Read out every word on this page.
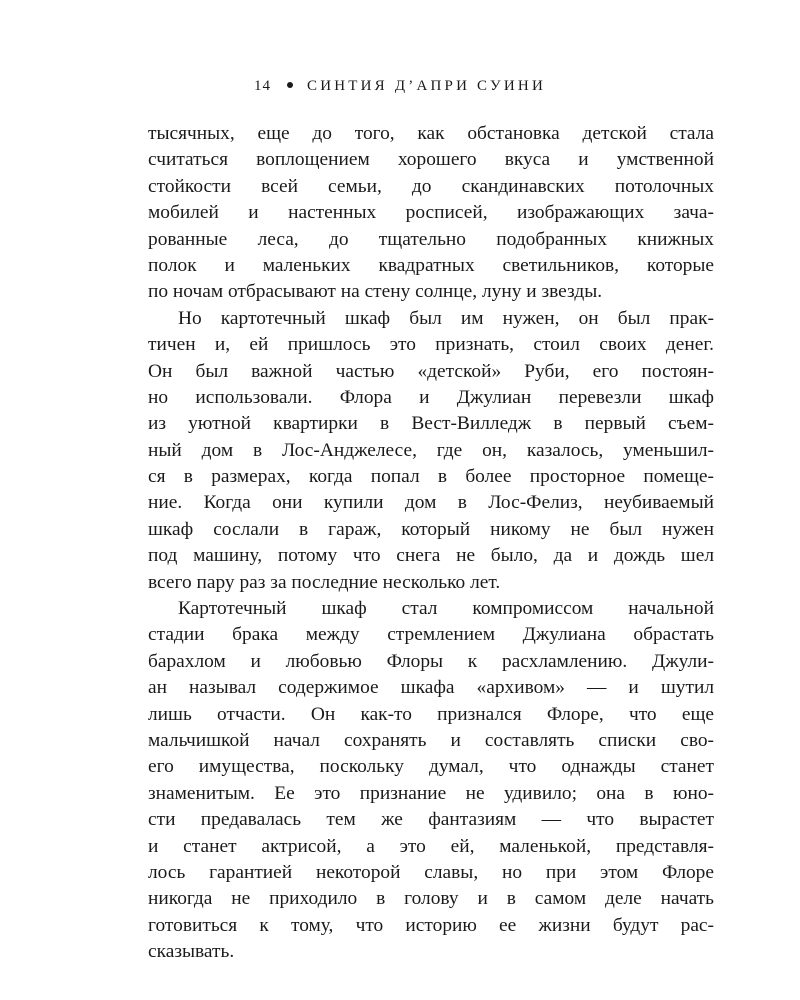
14 СИНТИЯ Д’АПРИ СУИНИ
тысячных, еще до того, как обстановка детской стала
считаться воплощением хорошего вкуса и умственной
стойкости всей семьи, до скандинавских потолочных
мобилей и настенных росписей, изображающих зача-
рованные леса, до тщательно подобранных книжных
полок и маленьких квадратных светильников, которые
по ночам отбрасывают на стену солнце, луну и звезды.
Но картотечный шкаф был им нужен, он был прак-
тичен и, ей пришлось это признать, стоил своих денег.
Он был важной частью «детской» Руби, его постоян-
но использовали. Флора и Джулиан перевезли шкаф
из уютной квартирки в Вест-Вилледж в первый съем-
ный дом в Лос-Анджелесе, где он, казалось, уменьшил-
ся в размерах, когда попал в более просторное помеще-
ние. Когда они купили дом в Лос-Фелиз, неубиваемый
шкаф сослали в гараж, который никому не был нужен
под машину, потому что снега не было, да и дождь шел
всего пару раз за последние несколько лет.
Картотечный шкаф стал компромиссом начальной
стадии брака между стремлением Джулиана обрастать
барахлом и любовью Флоры к расхламлению. Джули-
ан называл содержимое шкафа «архивом» — и шутил
лишь отчасти. Он как-то признался Флоре, что еще
мальчишкой начал сохранять и составлять списки сво-
его имущества, поскольку думал, что однажды станет
знаменитым. Ее это признание не удивило; она в юно-
сти предавалась тем же фантазиям — что вырастет
и станет актрисой, а это ей, маленькой, представля-
лось гарантией некоторой славы, но при этом Флоре
никогда не приходило в голову и в самом деле начать
готовиться к тому, что историю ее жизни будут рас-
сказывать.
